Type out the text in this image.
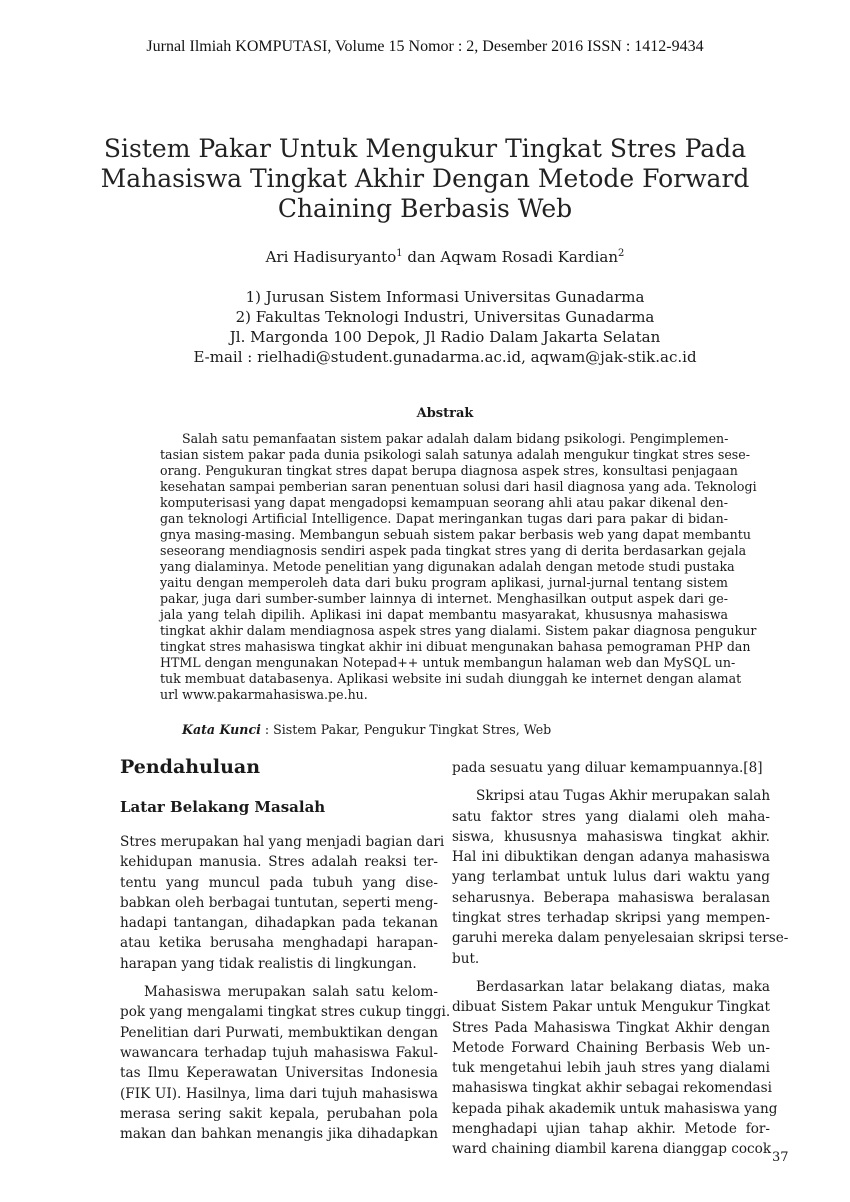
Jurnal Ilmiah KOMPUTASI, Volume 15 Nomor : 2, Desember 2016 ISSN : 1412-9434
Sistem Pakar Untuk Mengukur Tingkat Stres Pada
Mahasiswa Tingkat Akhir Dengan Metode Forward
Chaining Berbasis Web
Ari Hadisuryanto$^1$ dan Aqwam Rosadi Kardian$^2$
1) Jurusan Sistem Informasi Universitas Gunadarma
2) Fakultas Teknologi Industri, Universitas Gunadarma
Jl. Margonda 100 Depok, Jl Radio Dalam Jakarta Selatan
E-mail : rielhadi@student.gunadarma.ac.id, aqwam@jak-stik.ac.id
Abstrak
Salah satu pemanfaatan sistem pakar adalah dalam bidang psikologi. Pengimplemen-
tasian sistem pakar pada dunia psikologi salah satunya adalah mengukur tingkat stres sese-
orang. Pengukuran tingkat stres dapat berupa diagnosa aspek stres, konsultasi penjagaan
kesehatan sampai pemberian saran penentuan solusi dari hasil diagnosa yang ada. Teknologi
komputerisasi yang dapat mengadopsi kemampuan seorang ahli atau pakar dikenal den-
gan teknologi Artificial Intelligence. Dapat meringankan tugas dari para pakar di bidan-
gnya masing-masing. Membangun sebuah sistem pakar berbasis web yang dapat membantu
seseorang mendiagnosis sendiri aspek pada tingkat stres yang di derita berdasarkan gejala
yang dialaminya. Metode penelitian yang digunakan adalah dengan metode studi pustaka
yaitu dengan memperoleh data dari buku program aplikasi, jurnal-jurnal tentang sistem
pakar, juga dari sumber-sumber lainnya di internet. Menghasilkan output aspek dari ge-
jala yang telah dipilih. Aplikasi ini dapat membantu masyarakat, khususnya mahasiswa
tingkat akhir dalam mendiagnosa aspek stres yang dialami. Sistem pakar diagnosa pengukur
tingkat stres mahasiswa tingkat akhir ini dibuat mengunakan bahasa pemograman PHP dan
HTML dengan mengunakan Notepad++ untuk membangun halaman web dan MySQL un-
tuk membuat databasenya. Aplikasi website ini sudah diunggah ke internet dengan alamat
url www.pakarmahasiswa.pe.hu.
Kata Kunci : Sistem Pakar, Pengukur Tingkat Stres, Web
Pendahuluan
Latar Belakang Masalah
Stres merupakan hal yang menjadi bagian dari
kehidupan manusia. Stres adalah reaksi ter-
tentu yang muncul pada tubuh yang dise-
babkan oleh berbagai tuntutan, seperti meng-
hadapi tantangan, dihadapkan pada tekanan
atau ketika berusaha menghadapi harapan-
harapan yang tidak realistis di lingkungan.
Mahasiswa merupakan salah satu kelom-
pok yang mengalami tingkat stres cukup tinggi.
Penelitian dari Purwati, membuktikan dengan
wawancara terhadap tujuh mahasiswa Fakul-
tas Ilmu Keperawatan Universitas Indonesia
(FIK UI). Hasilnya, lima dari tujuh mahasiswa
merasa sering sakit kepala, perubahan pola
makan dan bahkan menangis jika dihadapkan
pada sesuatu yang diluar kemampuannya.[8]
Skripsi atau Tugas Akhir merupakan salah
satu faktor stres yang dialami oleh maha-
siswa, khususnya mahasiswa tingkat akhir.
Hal ini dibuktikan dengan adanya mahasiswa
yang terlambat untuk lulus dari waktu yang
seharusnya. Beberapa mahasiswa beralasan
tingkat stres terhadap skripsi yang mempen-
garuhi mereka dalam penyelesaian skripsi terse-
but.
Berdasarkan latar belakang diatas, maka
dibuat Sistem Pakar untuk Mengukur Tingkat
Stres Pada Mahasiswa Tingkat Akhir dengan
Metode Forward Chaining Berbasis Web un-
tuk mengetahui lebih jauh stres yang dialami
mahasiswa tingkat akhir sebagai rekomendasi
kepada pihak akademik untuk mahasiswa yang
menghadapi ujian tahap akhir. Metode for-
ward chaining diambil karena dianggap cocok
37
